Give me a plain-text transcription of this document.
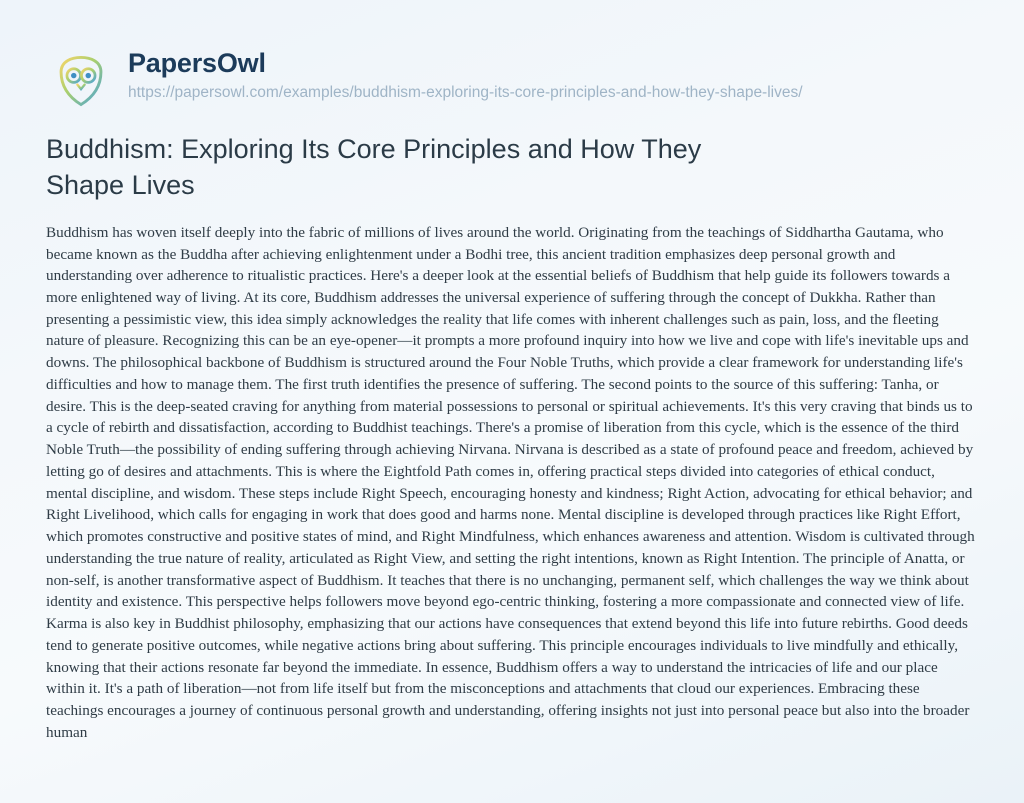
PapersOwl
https://papersowl.com/examples/buddhism-exploring-its-core-principles-and-how-they-shape-lives/
Buddhism: Exploring Its Core Principles and How They Shape Lives

Buddhism has woven itself deeply into the fabric of millions of lives around the world. Originating from the teachings of Siddhartha Gautama, who became known as the Buddha after achieving enlightenment under a Bodhi tree, this ancient tradition emphasizes deep personal growth and understanding over adherence to ritualistic practices. Here's a deeper look at the essential beliefs of Buddhism that help guide its followers towards a more enlightened way of living. At its core, Buddhism addresses the universal experience of suffering through the concept of Dukkha. Rather than presenting a pessimistic view, this idea simply acknowledges the reality that life comes with inherent challenges such as pain, loss, and the fleeting nature of pleasure. Recognizing this can be an eye-opener—it prompts a more profound inquiry into how we live and cope with life's inevitable ups and downs. The philosophical backbone of Buddhism is structured around the Four Noble Truths, which provide a clear framework for understanding life's difficulties and how to manage them. The first truth identifies the presence of suffering. The second points to the source of this suffering: Tanha, or desire. This is the deep-seated craving for anything from material possessions to personal or spiritual achievements. It's this very craving that binds us to a cycle of rebirth and dissatisfaction, according to Buddhist teachings. There's a promise of liberation from this cycle, which is the essence of the third Noble Truth—the possibility of ending suffering through achieving Nirvana. Nirvana is described as a state of profound peace and freedom, achieved by letting go of desires and attachments. This is where the Eightfold Path comes in, offering practical steps divided into categories of ethical conduct, mental discipline, and wisdom. These steps include Right Speech, encouraging honesty and kindness; Right Action, advocating for ethical behavior; and Right Livelihood, which calls for engaging in work that does good and harms none. Mental discipline is developed through practices like Right Effort, which promotes constructive and positive states of mind, and Right Mindfulness, which enhances awareness and attention. Wisdom is cultivated through understanding the true nature of reality, articulated as Right View, and setting the right intentions, known as Right Intention. The principle of Anatta, or non-self, is another transformative aspect of Buddhism. It teaches that there is no unchanging, permanent self, which challenges the way we think about identity and existence. This perspective helps followers move beyond ego-centric thinking, fostering a more compassionate and connected view of life. Karma is also key in Buddhist philosophy, emphasizing that our actions have consequences that extend beyond this life into future rebirths. Good deeds tend to generate positive outcomes, while negative actions bring about suffering. This principle encourages individuals to live mindfully and ethically, knowing that their actions resonate far beyond the immediate. In essence, Buddhism offers a way to understand the intricacies of life and our place within it. It's a path of liberation—not from life itself but from the misconceptions and attachments that cloud our experiences. Embracing these teachings encourages a journey of continuous personal growth and understanding, offering insights not just into personal peace but also into the broader human
